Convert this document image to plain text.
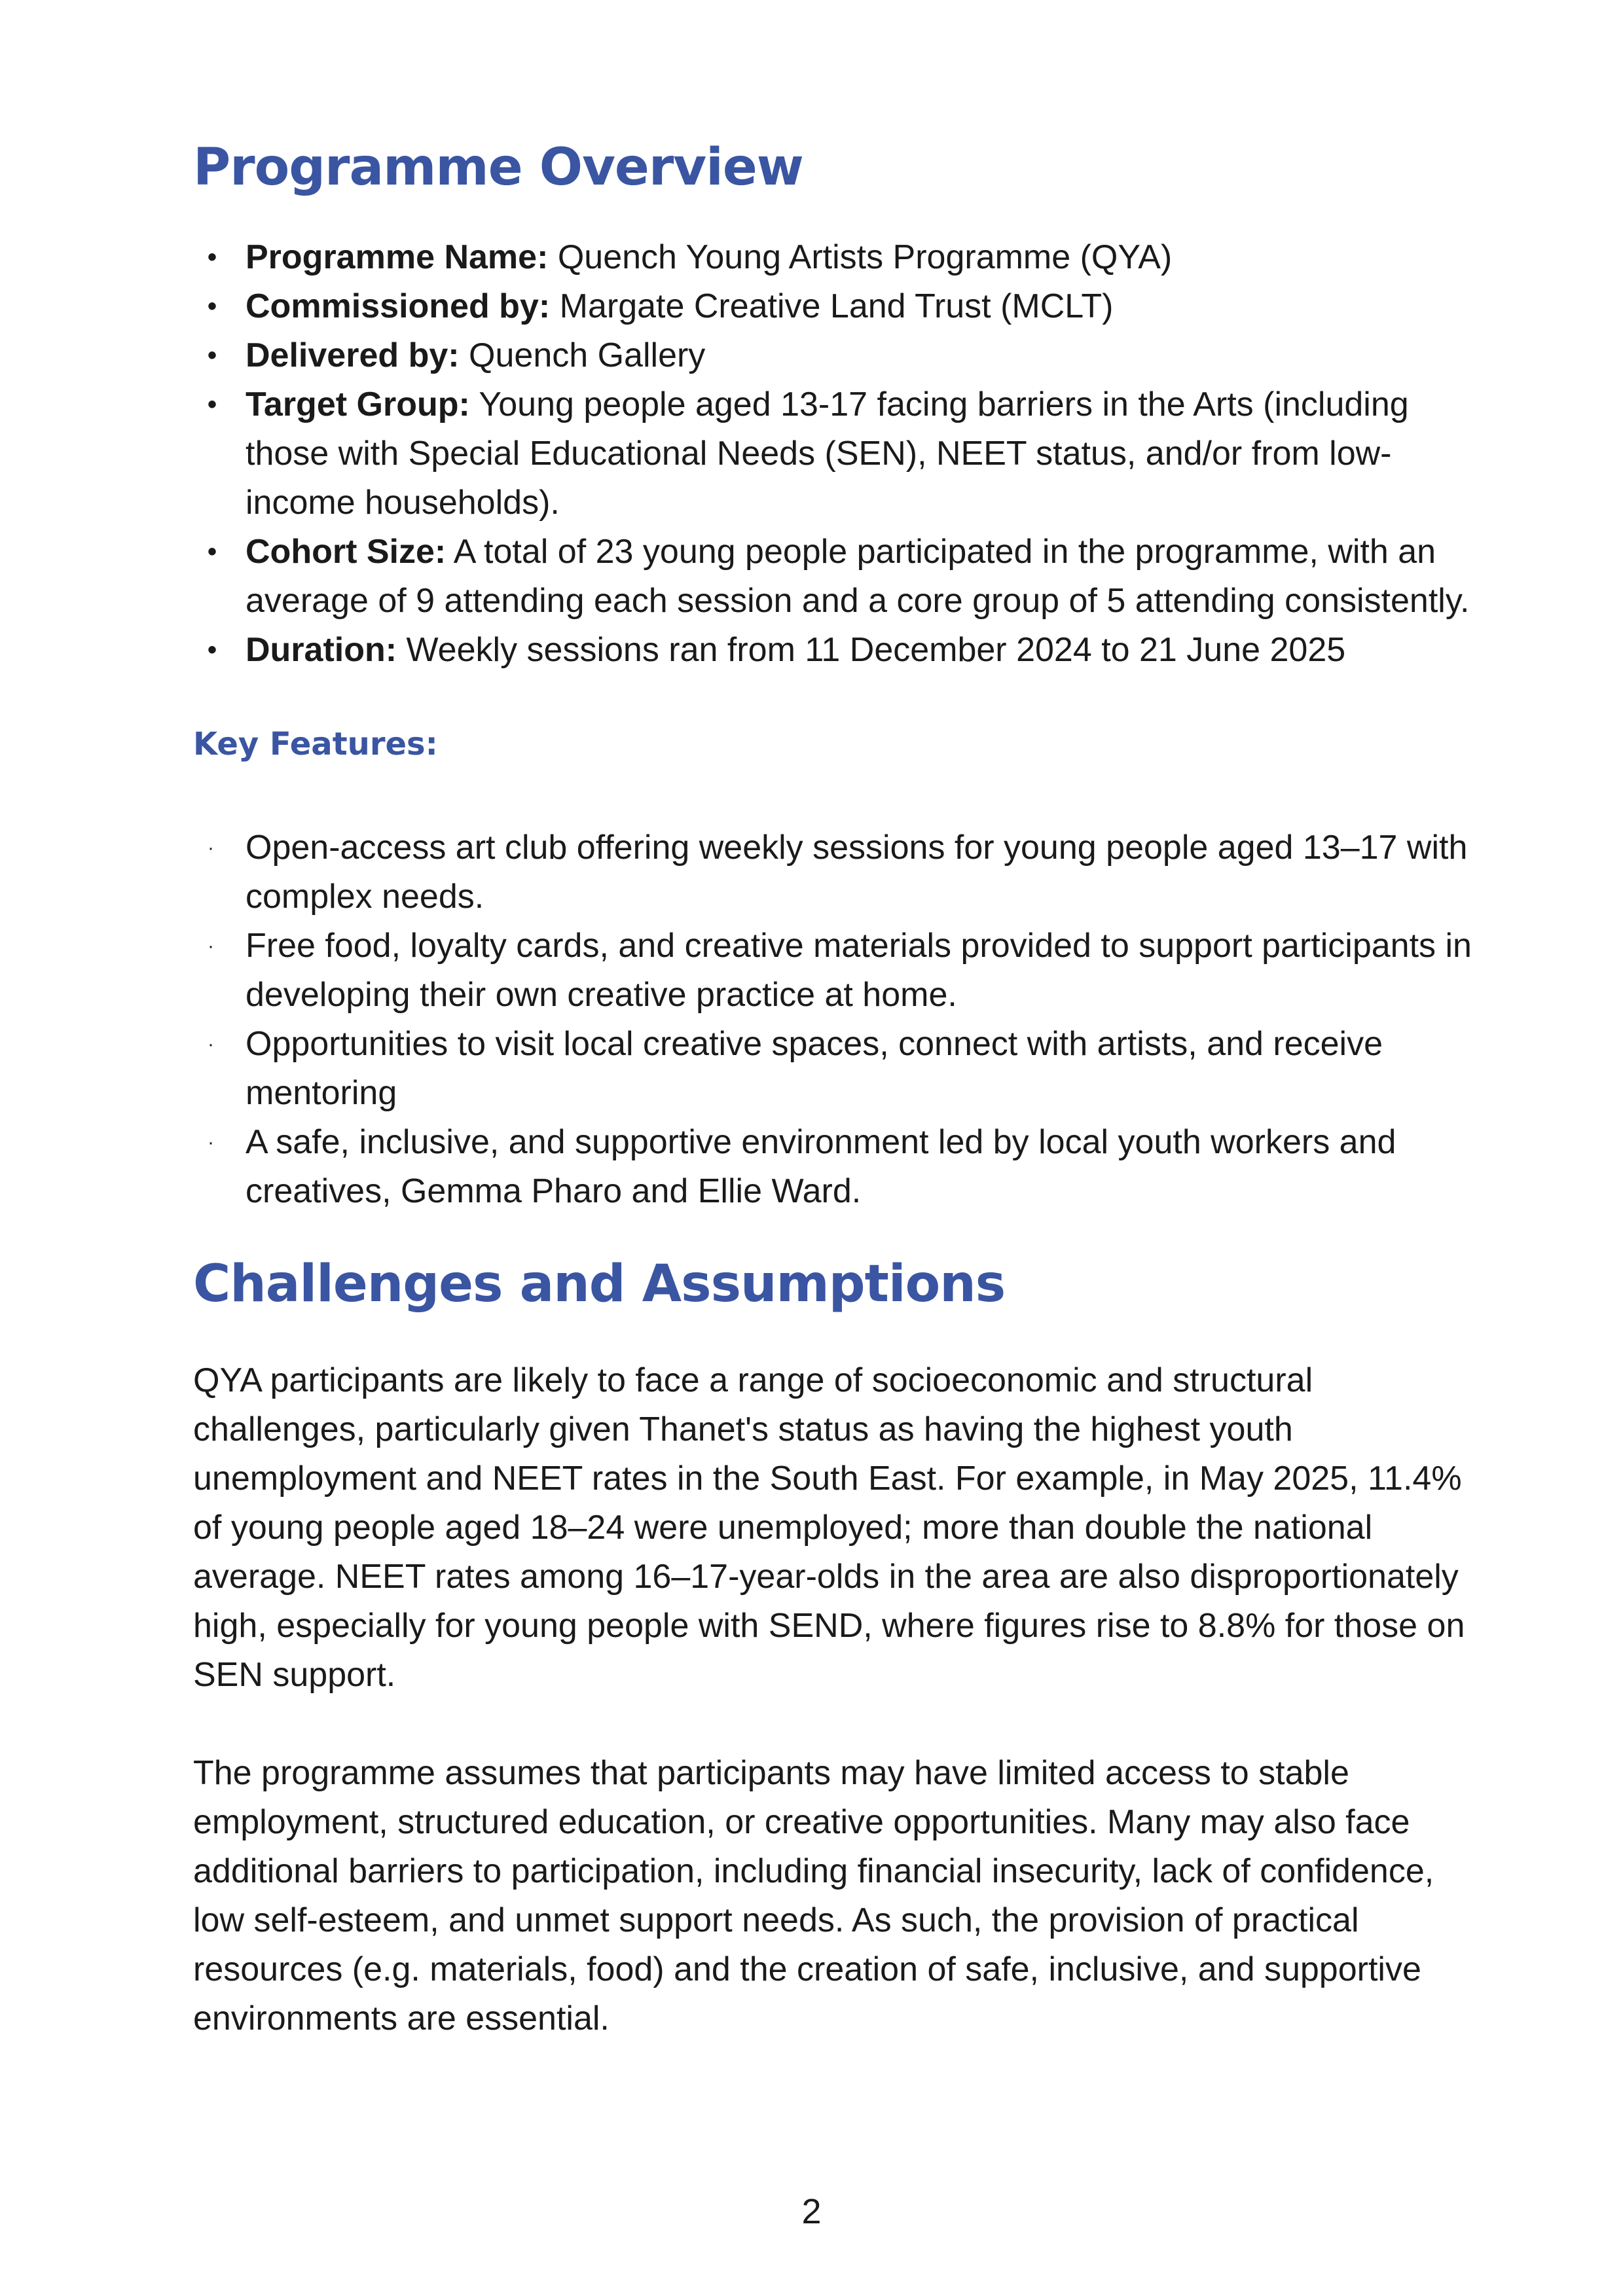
Programme Overview
• Programme Name: Quench Young Artists Programme (QYA)
• Commissioned by: Margate Creative Land Trust (MCLT)
• Delivered by: Quench Gallery
• Target Group: Young people aged 13-17 facing barriers in the Arts (including those with Special Educational Needs (SEN), NEET status, and/or from low-income households).
• Cohort Size: A total of 23 young people participated in the programme, with an average of 9 attending each session and a core group of 5 attending consistently.
• Duration: Weekly sessions ran from 11 December 2024 to 21 June 2025
Key Features:
· Open-access art club offering weekly sessions for young people aged 13–17 with complex needs.
· Free food, loyalty cards, and creative materials provided to support participants in developing their own creative practice at home.
· Opportunities to visit local creative spaces, connect with artists, and receive mentoring
· A safe, inclusive, and supportive environment led by local youth workers and creatives, Gemma Pharo and Ellie Ward.
Challenges and Assumptions

QYA participants are likely to face a range of socioeconomic and structural challenges, particularly given Thanet's status as having the highest youth unemployment and NEET rates in the South East. For example, in May 2025, 11.4% of young people aged 18–24 were unemployed; more than double the national average. NEET rates among 16–17-year-olds in the area are also disproportionately high, especially for young people with SEND, where figures rise to 8.8% for those on SEN support.

The programme assumes that participants may have limited access to stable employment, structured education, or creative opportunities. Many may also face additional barriers to participation, including financial insecurity, lack of confidence, low self-esteem, and unmet support needs. As such, the provision of practical resources (e.g. materials, food) and the creation of safe, inclusive, and supportive environments are essential.

2
